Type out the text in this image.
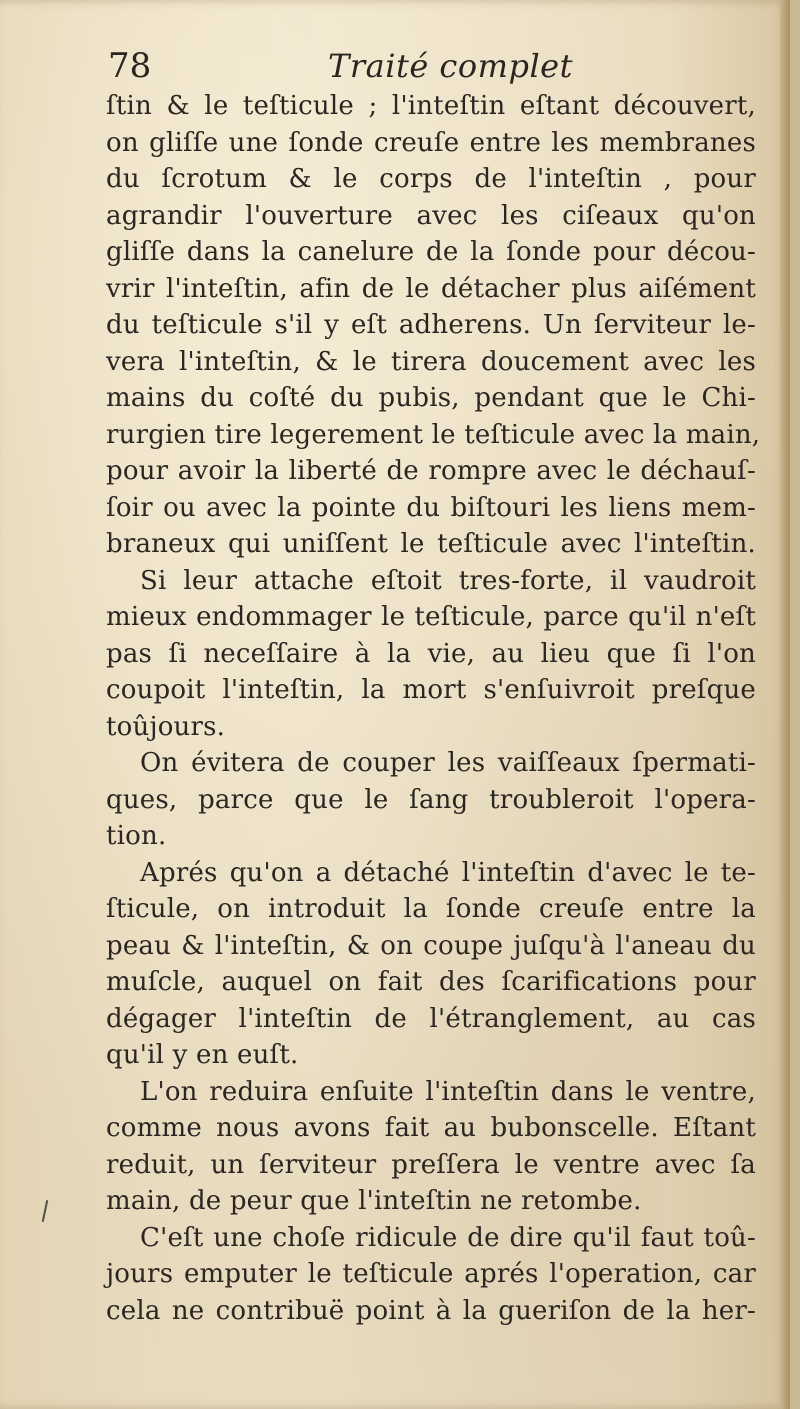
78	Traité complet
ſtin & le teſticule ; l'inteſtin eſtant découvert,
on gliſſe une ſonde creuſe entre les membranes
du ſcrotum & le corps de l'inteſtin , pour
agrandir l'ouverture avec les ciſeaux qu'on
gliſſe dans la canelure de la ſonde pour décou-
vrir l'inteſtin, afin de le détacher plus aiſément
du teſticule s'il y eſt adherens. Un ſerviteur le-
vera l'inteſtin, & le tirera doucement avec les
mains du coſté du pubis, pendant que le Chi-
rurgien tire legerement le teſticule avec la main,
pour avoir la liberté de rompre avec le déchauſ-
ſoir ou avec la pointe du biſtouri les liens mem-
braneux qui uniſſent le teſticule avec l'inteſtin.
Si leur attache eſtoit tres-forte, il vaudroit
mieux endommager le teſticule, parce qu'il n'eſt
pas ſi neceſſaire à la vie, au lieu que ſi l'on
coupoit l'inteſtin, la mort s'enſuivroit preſque
toûjours.
On évitera de couper les vaiſſeaux ſpermati-
ques, parce que le ſang troubleroit l'opera-
tion.
Aprés qu'on a détaché l'inteſtin d'avec le te-
ſticule, on introduit la ſonde creuſe entre la
peau & l'inteſtin, & on coupe juſqu'à l'aneau du
muſcle, auquel on fait des ſcarifications pour
dégager l'inteſtin de l'étranglement, au cas
qu'il y en euſt.
L'on reduira enſuite l'inteſtin dans le ventre,
comme nous avons fait au bubonscelle. Eſtant
reduit, un ſerviteur preſſera le ventre avec ſa
main, de peur que l'inteſtin ne retombe.
C'eſt une choſe ridicule de dire qu'il faut toû-
jours emputer le teſticule aprés l'operation, car
cela ne contribuë point à la gueriſon de la her-
